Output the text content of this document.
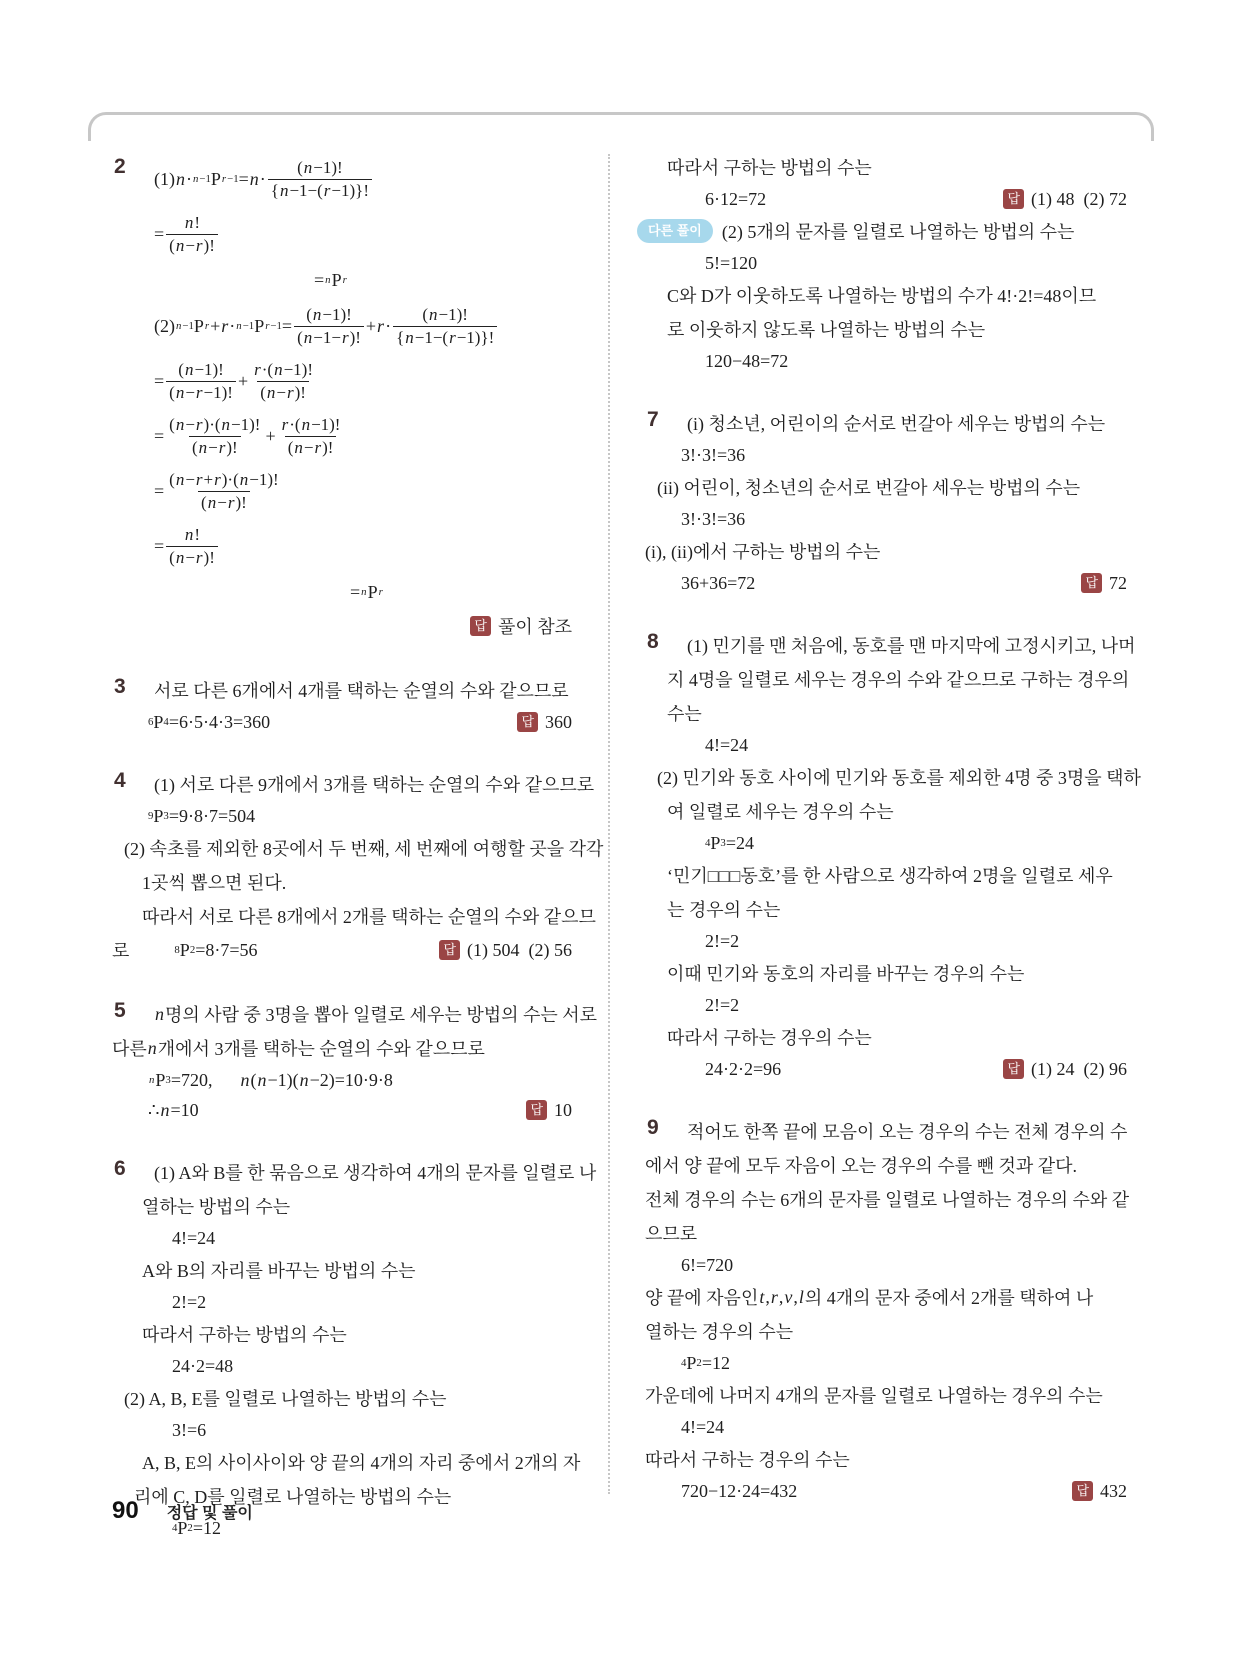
2
(1) n · n−1 P $r-1 = n \cdot \frac{(n-1)!}{\{n-1-(r-1)\}!}$
= $\frac{n!}{(n-r)!}$
= n P r
(2) n−1 P r + r · n−1 P $r-1 = \frac{(n-1)!}{(n-1-r)!} + r \cdot \frac{(n-1)!}{\{n-1-(r-1)\}!}$
= $\frac{(n-1)!}{(n-r-1)!} + \frac{r\cdot(n-1)!}{(n-r)!}$
= $\frac{(n-r)\cdot(n-1)!}{(n-r)!} + \frac{r\cdot(n-1)!}{(n-r)!}$
= $\frac{(n-r+r)\cdot(n-1)!}{(n-r)!}$
= $\frac{n!}{(n-r)!}$
= n P r
답 풀이 참조
3 서로 다른 6개에서 4개를 택하는 순열의 수와 같으므로
6 P 4 =6·5·4·3=360	답 360
4 (1) 서로 다른 9개에서 3개를 택하는 순열의 수와 같으므로
9 P 3 =9·8·7=504
(2) 속초를 제외한 8곳에서 두 번째, 세 번째에 여행할 곳을 각각
1곳씩 뽑으면 된다.
따라서 서로 다른 8개에서 2개를 택하는 순열의 수와 같으므
로    8 P 2 =8·7=56	답 (1) 504 (2) 56
5 n 명의 사람 중 3명을 뽑아 일렬로 세우는 방법의 수는 서로
다른 n 개에서 3개를 택하는 순열의 수와 같으므로
n P 3 =720,   n ( n −1)( n −2)=10·9·8
∴ n =10	답 10
6 (1) A와 B를 한 묶음으로 생각하여 4개의 문자를 일렬로 나
열하는 방법의 수는
4!=24
A와 B의 자리를 바꾸는 방법의 수는
2!=2
따라서 구하는 방법의 수는
24·2=48
(2) A, B, E를 일렬로 나열하는 방법의 수는
3!=6
A, B, E의 사이사이와 양 끝의 4개의 자리 중에서 2개의 자
리에 C, D를 일렬로 나열하는 방법의 수는
4 P 2 =12
따라서 구하는 방법의 수는
6·12=72	답 (1) 48 (2) 72
다른 풀이	(2) 5개의 문자를 일렬로 나열하는 방법의 수는
5!=120
C와 D가 이웃하도록 나열하는 방법의 수가 4!·2!=48이므
로 이웃하지 않도록 나열하는 방법의 수는
120−48=72
7 (i) 청소년, 어린이의 순서로 번갈아 세우는 방법의 수는
3!·3!=36
(ii) 어린이, 청소년의 순서로 번갈아 세우는 방법의 수는
3!·3!=36
(i), (ii)에서 구하는 방법의 수는
36+36=72	답 72
8 (1) 민기를 맨 처음에, 동호를 맨 마지막에 고정시키고, 나머
지 4명을 일렬로 세우는 경우의 수와 같으므로 구하는 경우의
수는
4!=24
(2) 민기와 동호 사이에 민기와 동호를 제외한 4명 중 3명을 택하
여 일렬로 세우는 경우의 수는
4 P 3 =24
‘민기□□□동호’를 한 사람으로 생각하여 2명을 일렬로 세우
는 경우의 수는
2!=2
이때 민기와 동호의 자리를 바꾸는 경우의 수는
2!=2
따라서 구하는 경우의 수는
24·2·2=96	답 (1) 24 (2) 96
9 적어도 한쪽 끝에 모음이 오는 경우의 수는 전체 경우의 수
에서 양 끝에 모두 자음이 오는 경우의 수를 뺀 것과 같다.
전체 경우의 수는 6개의 문자를 일렬로 나열하는 경우의 수와 같
으므로
6!=720
양 끝에 자음인 t , r , v , l 의 4개의 문자 중에서 2개를 택하여 나
열하는 경우의 수는
4 P 2 =12
가운데에 나머지 4개의 문자를 일렬로 나열하는 경우의 수는
4!=24
따라서 구하는 경우의 수는
720−12·24=432	답 432
90 정답 및 풀이
